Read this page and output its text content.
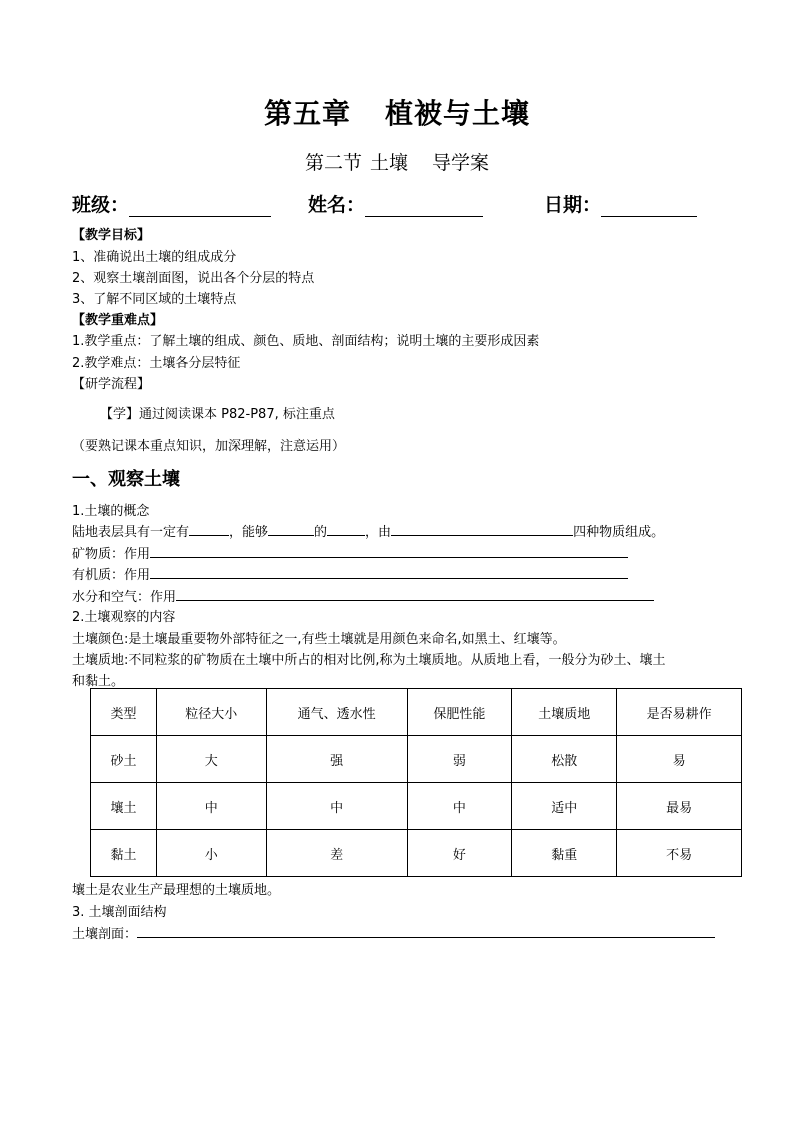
第五章 植被与土壤
第二节 土壤 导学案
班级：	姓名：	日期：
【教学目标】
1、准确说出土壤的组成成分
2、观察土壤剖面图，说出各个分层的特点
3、了解不同区域的土壤特点
【教学重难点】
1.教学重点：了解土壤的组成、颜色、质地、剖面结构；说明土壤的主要形成因素
2.教学难点：土壤各分层特征
【研学流程】
【学】通过阅读课本 P82-P87, 标注重点
（要熟记课本重点知识，加深理解，注意运用）
一、观察土壤
1.土壤的概念
陆地表层具有一定有	，能够	的	，由	四种物质组成。
矿物质：作用
有机质：作用
水分和空气：作用
2.土壤观察的内容
土壤颜色:是土壤最重要物外部特征之一,有些土壤就是用颜色来命名,如黑土、红壤等。
土壤质地:不同粒浆的矿物质在土壤中所占的相对比例,称为土壤质地。从质地上看，一般分为砂土、壤土
和黏土。
类型	粒径大小	通气、透水性	保肥性能	土壤质地	是否易耕作
砂土	大	强	弱	松散	易
壤土	中	中	中	适中	最易
黏土	小	差	好	黏重	不易
壤土是农业生产最理想的土壤质地。
3. 土壤剖面结构
土壤剖面：
